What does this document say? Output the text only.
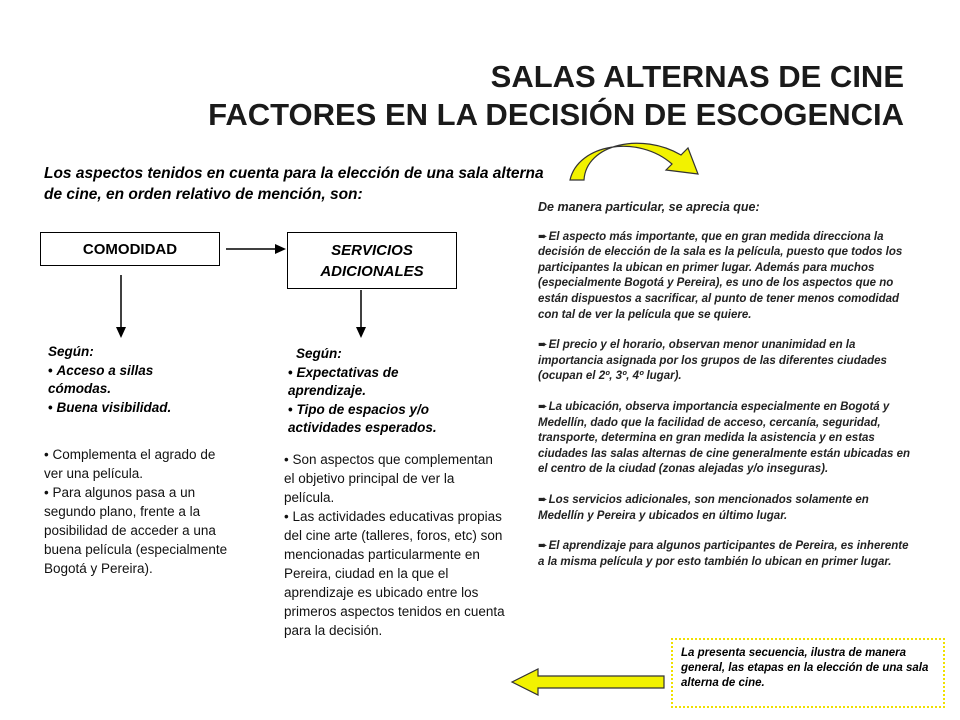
SALAS ALTERNAS DE CINE
FACTORES EN LA DECISIÓN DE ESCOGENCIA
Los aspectos tenidos en cuenta para la elección de una sala alterna de cine, en orden relativo de mención, son:
COMODIDAD	SERVICIOS
ADICIONALES
Según:
• Acceso a sillas cómodas.
• Buena visibilidad.
• Complementa el agrado de ver una película.
• Para algunos pasa a un segundo plano, frente a la posibilidad de acceder a una buena película (especialmente Bogotá y Pereira).
Según:
• Expectativas de aprendizaje.
• Tipo de espacios y/o actividades esperados.
• Son aspectos que complementan el objetivo principal de ver la película.
• Las actividades educativas propias del cine arte (talleres, foros, etc) son mencionadas particularmente en Pereira, ciudad en la que el aprendizaje es ubicado entre los primeros aspectos tenidos en cuenta para la decisión.
De manera particular, se aprecia que:

➨El aspecto más importante, que en gran medida direcciona la decisión de elección de la sala es la película, puesto que todos los participantes la ubican en primer lugar. Además para muchos (especialmente Bogotá y Pereira), es uno de los aspectos que no están dispuestos a sacrificar, al punto de tener menos comodidad con tal de ver la película que se quiere.

➨El precio y el horario, observan menor unanimidad en la importancia asignada por los grupos de las diferentes ciudades (ocupan el 2º, 3º, 4º lugar).

➨La ubicación, observa importancia especialmente en Bogotá y Medellín, dado que la facilidad de acceso, cercanía, seguridad, transporte, determina en gran medida la asistencia y en estas ciudades las salas alternas de cine generalmente están ubicadas en el centro de la ciudad (zonas alejadas y/o inseguras).

➨Los servicios adicionales, son mencionados solamente en Medellín y Pereira y ubicados en último lugar.

➨El aprendizaje para algunos participantes de Pereira, es inherente a la misma película y por esto también lo ubican en primer lugar.

La presenta secuencia, ilustra de manera general, las etapas en la elección de una sala alterna de cine.
